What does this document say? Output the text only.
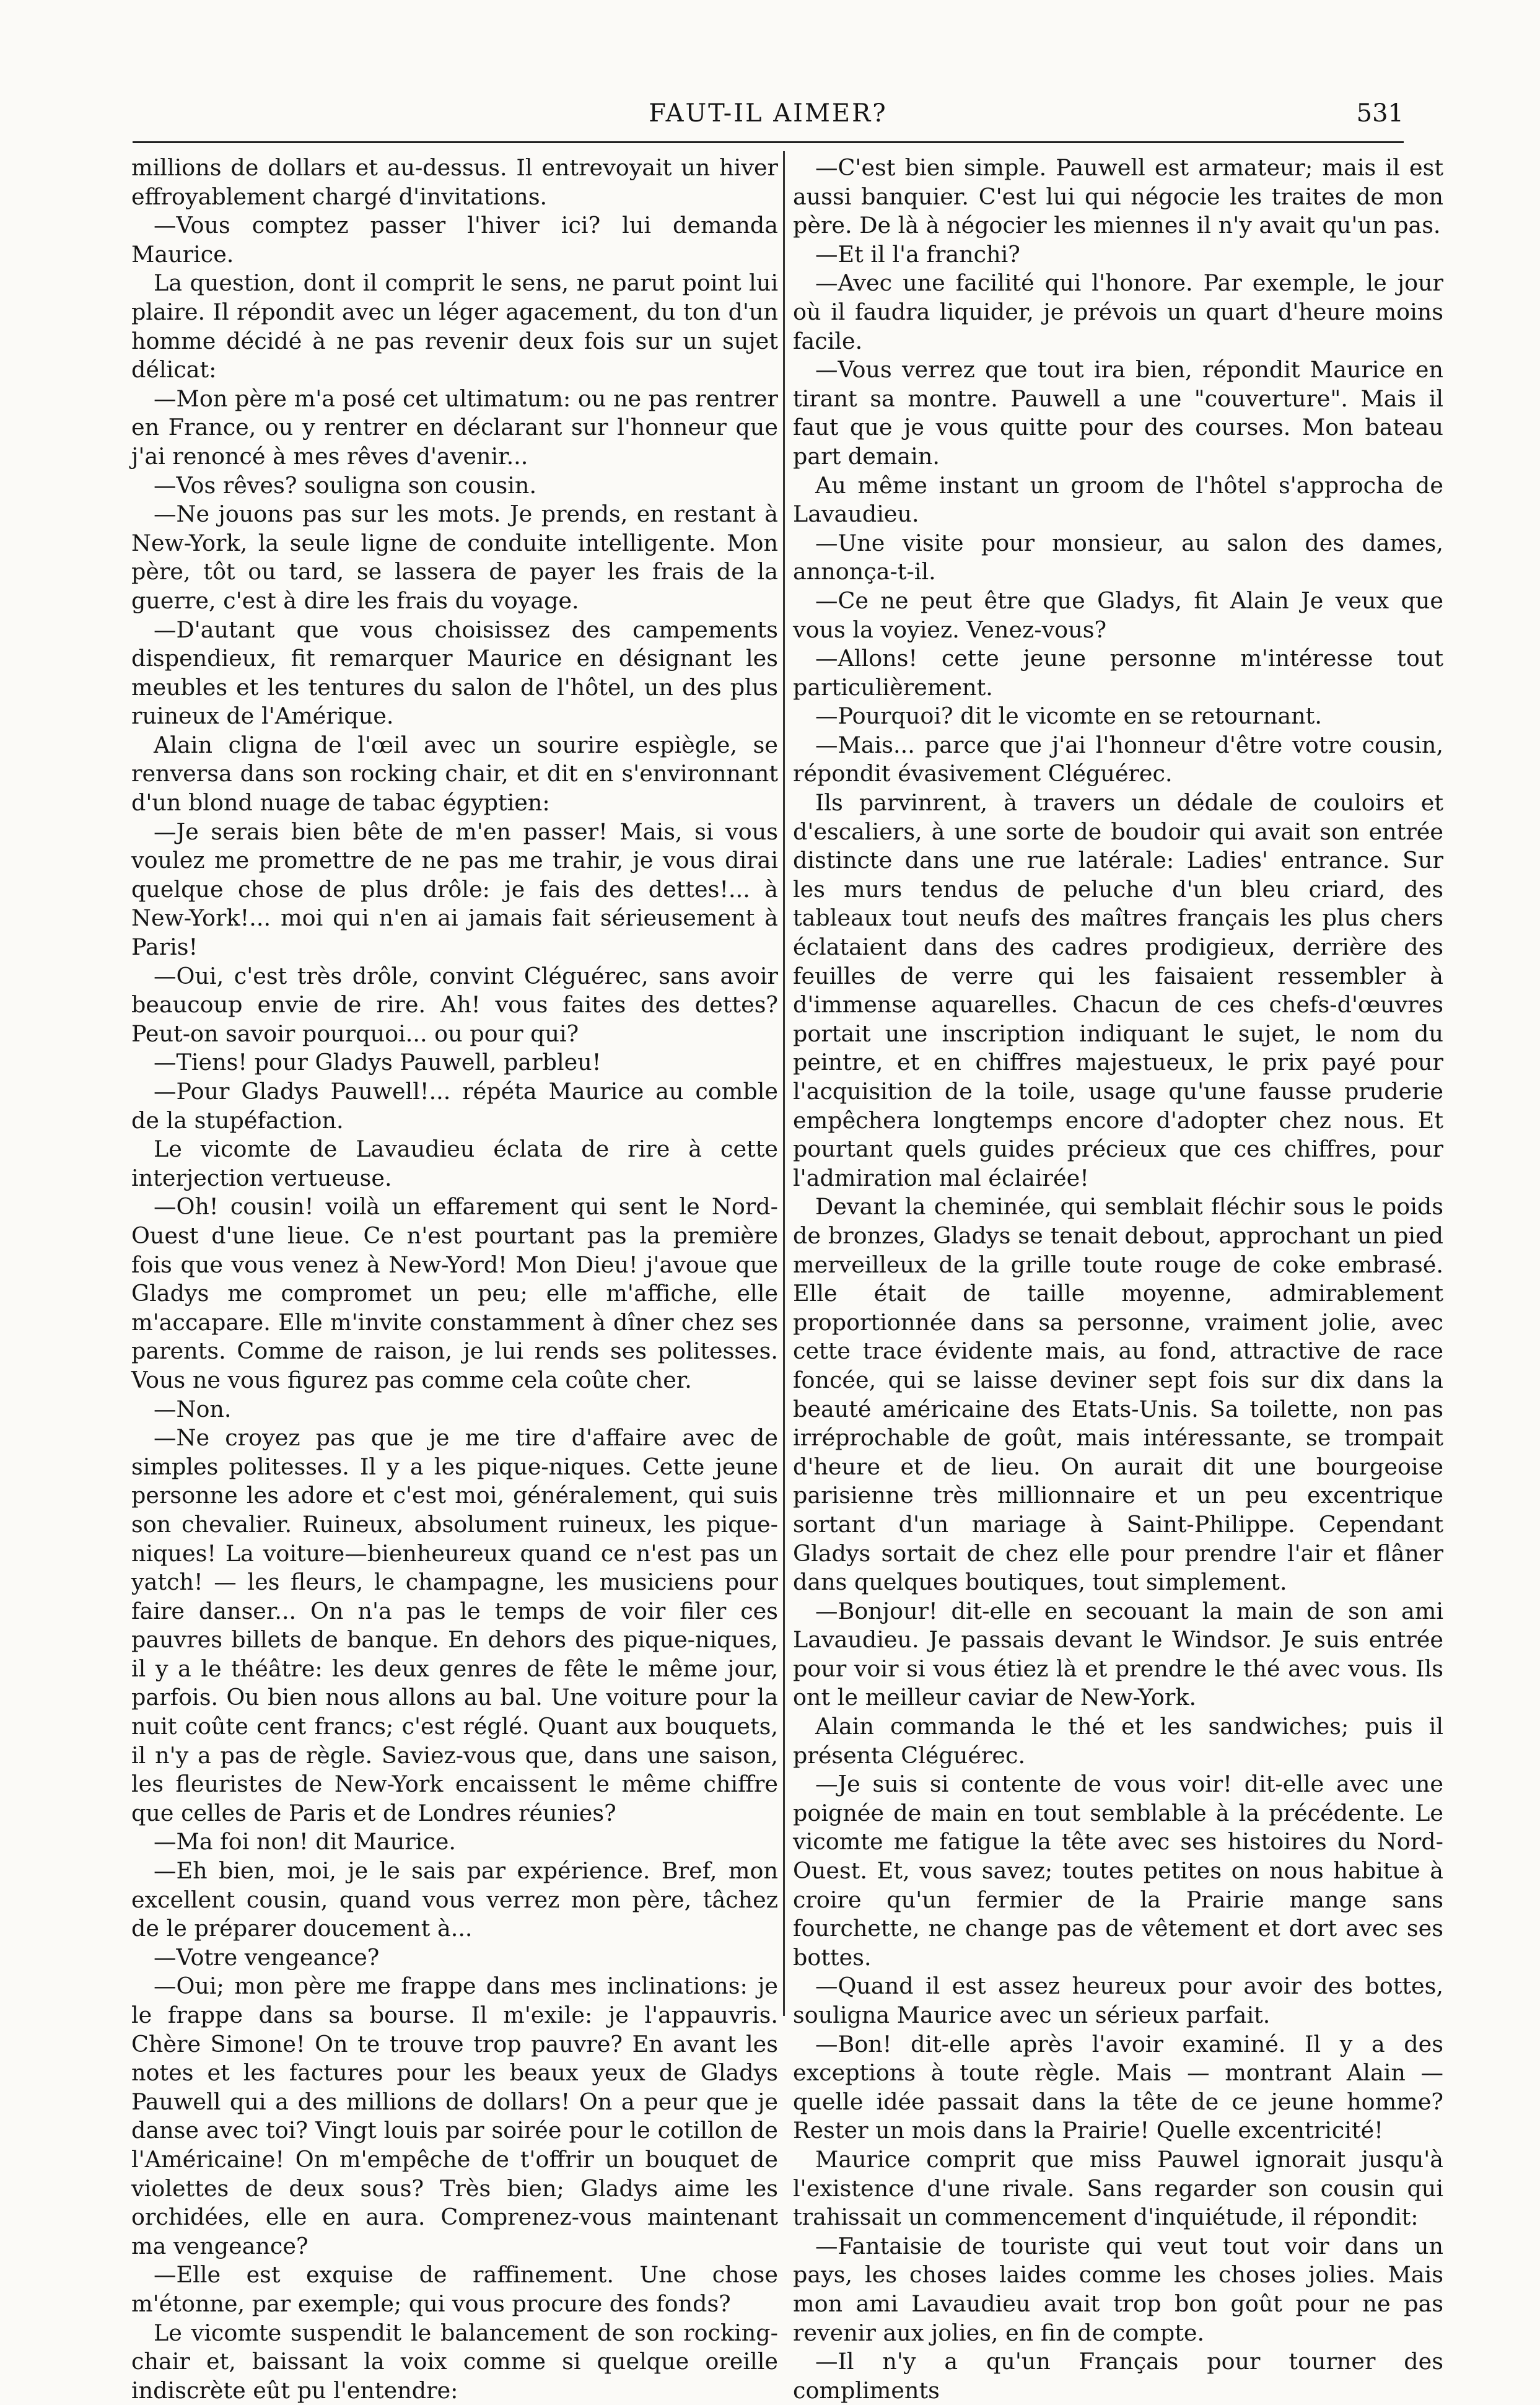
FAUT-IL AIMER?	531

millions de dollars et au-dessus. Il entrevoyait un hiver effroyablement chargé d'invitations.

—Vous comptez passer l'hiver ici? lui demanda Maurice.

La question, dont il comprit le sens, ne parut point lui plaire. Il répondit avec un léger agacement, du ton d'un homme décidé à ne pas revenir deux fois sur un sujet délicat:

—Mon père m'a posé cet ultimatum: ou ne pas rentrer en France, ou y rentrer en déclarant sur l'honneur que j'ai renoncé à mes rêves d'avenir...

—Vos rêves? souligna son cousin.

—Ne jouons pas sur les mots. Je prends, en restant à New-York, la seule ligne de conduite intelligente. Mon père, tôt ou tard, se lassera de payer les frais de la guerre, c'est à dire les frais du voyage.

—D'autant que vous choisissez des campements dispendieux, fit remarquer Maurice en désignant les meubles et les tentures du salon de l'hôtel, un des plus ruineux de l'Amérique.

Alain cligna de l'œil avec un sourire espiègle, se renversa dans son rocking chair, et dit en s'environnant d'un blond nuage de tabac égyptien:

—Je serais bien bête de m'en passer! Mais, si vous voulez me promettre de ne pas me trahir, je vous dirai quelque chose de plus drôle: je fais des dettes!... à New-York!... moi qui n'en ai jamais fait sérieusement à Paris!

—Oui, c'est très drôle, convint Cléguérec, sans avoir beaucoup envie de rire. Ah! vous faites des dettes? Peut-on savoir pourquoi... ou pour qui?

—Tiens! pour Gladys Pauwell, parbleu!

—Pour Gladys Pauwell!... répéta Maurice au comble de la stupéfaction.

Le vicomte de Lavaudieu éclata de rire à cette interjection vertueuse.

—Oh! cousin! voilà un effarement qui sent le Nord-Ouest d'une lieue. Ce n'est pourtant pas la première fois que vous venez à New-Yord! Mon Dieu! j'avoue que Gladys me compromet un peu; elle m'affiche, elle m'accapare. Elle m'invite constamment à dîner chez ses parents. Comme de raison, je lui rends ses politesses. Vous ne vous figurez pas comme cela coûte cher.

—Non.

—Ne croyez pas que je me tire d'affaire avec de simples politesses. Il y a les pique-niques. Cette jeune personne les adore et c'est moi, généralement, qui suis son chevalier. Ruineux, absolument ruineux, les pique-niques! La voiture—bienheureux quand ce n'est pas un yatch! — les fleurs, le champagne, les musiciens pour faire danser... On n'a pas le temps de voir filer ces pauvres billets de banque. En dehors des pique-niques, il y a le théâtre: les deux genres de fête le même jour, parfois. Ou bien nous allons au bal. Une voiture pour la nuit coûte cent francs; c'est réglé. Quant aux bouquets, il n'y a pas de règle. Saviez-vous que, dans une saison, les fleuristes de New-York encaissent le même chiffre que celles de Paris et de Londres réunies?

—Ma foi non! dit Maurice.

—Eh bien, moi, je le sais par expérience. Bref, mon excellent cousin, quand vous verrez mon père, tâchez de le préparer doucement à...

—Votre vengeance?

—Oui; mon père me frappe dans mes inclinations: je le frappe dans sa bourse. Il m'exile: je l'appauvris. Chère Simone! On te trouve trop pauvre? En avant les notes et les factures pour les beaux yeux de Gladys Pauwell qui a des millions de dollars! On a peur que je danse avec toi? Vingt louis par soirée pour le cotillon de l'Américaine! On m'empêche de t'offrir un bouquet de violettes de deux sous? Très bien; Gladys aime les orchidées, elle en aura. Comprenez-vous maintenant ma vengeance?

—Elle est exquise de raffinement. Une chose m'étonne, par exemple; qui vous procure des fonds?

Le vicomte suspendit le balancement de son rocking-chair et, baissant la voix comme si quelque oreille indiscrète eût pu l'entendre:

—C'est bien simple. Pauwell est armateur; mais il est aussi banquier. C'est lui qui négocie les traites de mon père. De là à négocier les miennes il n'y avait qu'un pas.

—Et il l'a franchi?

—Avec une facilité qui l'honore. Par exemple, le jour où il faudra liquider, je prévois un quart d'heure moins facile.

—Vous verrez que tout ira bien, répondit Maurice en tirant sa montre. Pauwell a une "couverture". Mais il faut que je vous quitte pour des courses. Mon bateau part demain.

Au même instant un groom de l'hôtel s'approcha de Lavaudieu.

—Une visite pour monsieur, au salon des dames, annonça-t-il.

—Ce ne peut être que Gladys, fit Alain Je veux que vous la voyiez. Venez-vous?

—Allons! cette jeune personne m'intéresse tout particulièrement.

—Pourquoi? dit le vicomte en se retournant.

—Mais... parce que j'ai l'honneur d'être votre cousin, répondit évasivement Cléguérec.

Ils parvinrent, à travers un dédale de couloirs et d'escaliers, à une sorte de boudoir qui avait son entrée distincte dans une rue latérale: Ladies' entrance. Sur les murs tendus de peluche d'un bleu criard, des tableaux tout neufs des maîtres français les plus chers éclataient dans des cadres prodigieux, derrière des feuilles de verre qui les faisaient ressembler à d'immense aquarelles. Chacun de ces chefs-d'œuvres portait une inscription indiquant le sujet, le nom du peintre, et en chiffres majestueux, le prix payé pour l'acquisition de la toile, usage qu'une fausse pruderie empêchera longtemps encore d'adopter chez nous. Et pourtant quels guides précieux que ces chiffres, pour l'admiration mal éclairée!

Devant la cheminée, qui semblait fléchir sous le poids de bronzes, Gladys se tenait debout, approchant un pied merveilleux de la grille toute rouge de coke embrasé. Elle était de taille moyenne, admirablement proportionnée dans sa personne, vraiment jolie, avec cette trace évidente mais, au fond, attractive de race foncée, qui se laisse deviner sept fois sur dix dans la beauté américaine des Etats-Unis. Sa toilette, non pas irréprochable de goût, mais intéressante, se trompait d'heure et de lieu. On aurait dit une bourgeoise parisienne très millionnaire et un peu excentrique sortant d'un mariage à Saint-Philippe. Cependant Gladys sortait de chez elle pour prendre l'air et flâner dans quelques boutiques, tout simplement.

—Bonjour! dit-elle en secouant la main de son ami Lavaudieu. Je passais devant le Windsor. Je suis entrée pour voir si vous étiez là et prendre le thé avec vous. Ils ont le meilleur caviar de New-York.

Alain commanda le thé et les sandwiches; puis il présenta Cléguérec.

—Je suis si contente de vous voir! dit-elle avec une poignée de main en tout semblable à la précédente. Le vicomte me fatigue la tête avec ses histoires du Nord-Ouest. Et, vous savez; toutes petites on nous habitue à croire qu'un fermier de la Prairie mange sans fourchette, ne change pas de vêtement et dort avec ses bottes.

—Quand il est assez heureux pour avoir des bottes, souligna Maurice avec un sérieux parfait.

—Bon! dit-elle après l'avoir examiné. Il y a des exceptions à toute règle. Mais — montrant Alain — quelle idée passait dans la tête de ce jeune homme? Rester un mois dans la Prairie! Quelle excentricité!

Maurice comprit que miss Pauwel ignorait jusqu'à l'existence d'une rivale. Sans regarder son cousin qui trahissait un commencement d'inquiétude, il répondit:

—Fantaisie de touriste qui veut tout voir dans un pays, les choses laides comme les choses jolies. Mais mon ami Lavaudieu avait trop bon goût pour ne pas revenir aux jolies, en fin de compte.

—Il n'y a qu'un Français pour tourner des compliments
